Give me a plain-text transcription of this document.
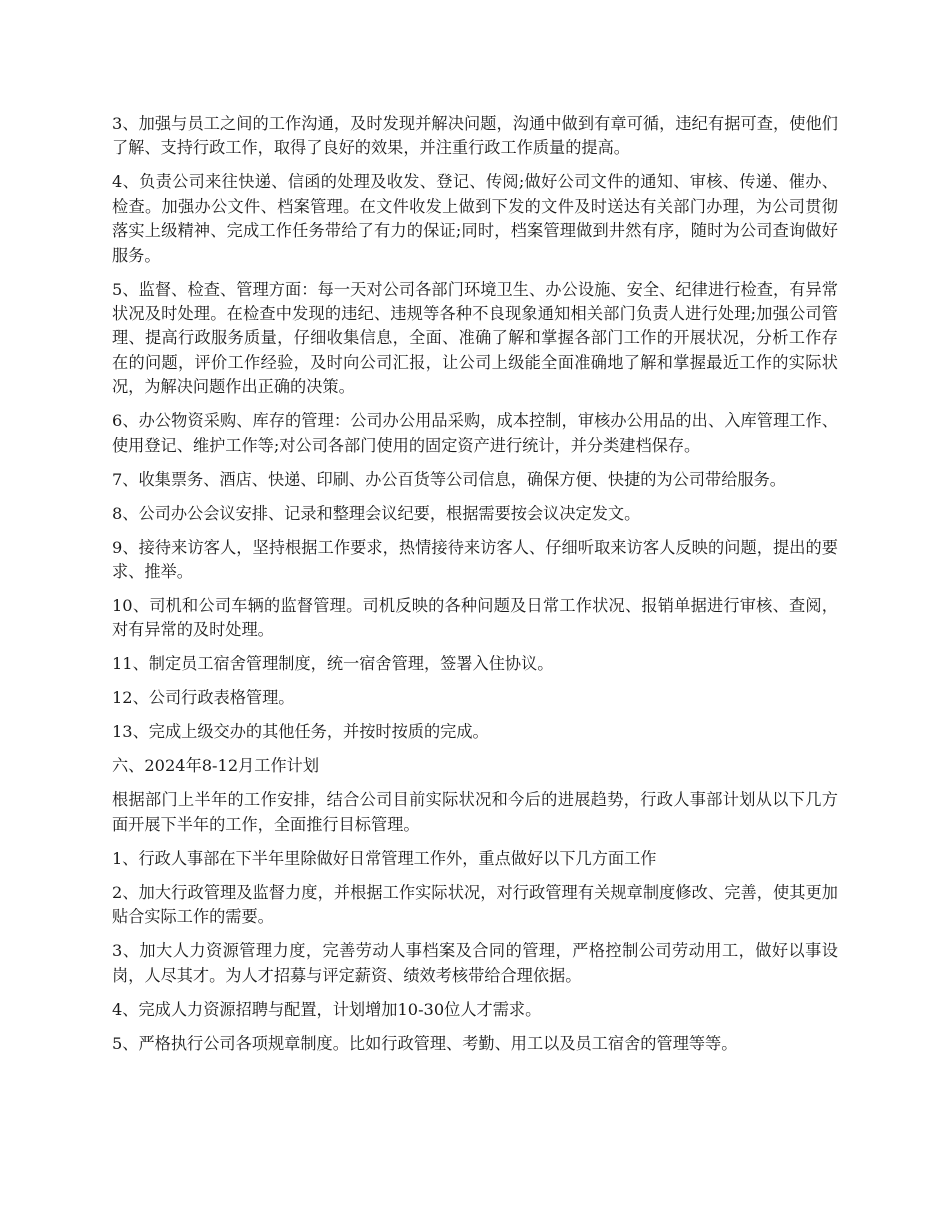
3、加强与员工之间的工作沟通，及时发现并解决问题，沟通中做到有章可循，违纪有据可查，使他们了解、支持行政工作，取得了良好的效果，并注重行政工作质量的提高。

4、负责公司来往快递、信函的处理及收发、登记、传阅;做好公司文件的通知、审核、传递、催办、检查。加强办公文件、档案管理。在文件收发上做到下发的文件及时送达有关部门办理，为公司贯彻落实上级精神、完成工作任务带给了有力的保证;同时，档案管理做到井然有序，随时为公司查询做好服务。

5、监督、检查、管理方面：每一天对公司各部门环境卫生、办公设施、安全、纪律进行检查，有异常状况及时处理。在检查中发现的违纪、违规等各种不良现象通知相关部门负责人进行处理;加强公司管理、提高行政服务质量，仔细收集信息，全面、准确了解和掌握各部门工作的开展状况，分析工作存在的问题，评价工作经验，及时向公司汇报，让公司上级能全面准确地了解和掌握最近工作的实际状况，为解决问题作出正确的决策。

6、办公物资采购、库存的管理：公司办公用品采购，成本控制，审核办公用品的出、入库管理工作、使用登记、维护工作等;对公司各部门使用的固定资产进行统计，并分类建档保存。

7、收集票务、酒店、快递、印刷、办公百货等公司信息，确保方便、快捷的为公司带给服务。

8、公司办公会议安排、记录和整理会议纪要，根据需要按会议决定发文。

9、接待来访客人，坚持根据工作要求，热情接待来访客人、仔细听取来访客人反映的问题，提出的要求、推举。

10、司机和公司车辆的监督管理。司机反映的各种问题及日常工作状况、报销单据进行审核、查阅，对有异常的及时处理。

11、制定员工宿舍管理制度，统一宿舍管理，签署入住协议。

12、公司行政表格管理。

13、完成上级交办的其他任务，并按时按质的完成。

六、2024年8-12月工作计划

根据部门上半年的工作安排，结合公司目前实际状况和今后的进展趋势，行政人事部计划从以下几方面开展下半年的工作，全面推行目标管理。

1、行政人事部在下半年里除做好日常管理工作外，重点做好以下几方面工作

2、加大行政管理及监督力度，并根据工作实际状况，对行政管理有关规章制度修改、完善，使其更加贴合实际工作的需要。

3、加大人力资源管理力度，完善劳动人事档案及合同的管理，严格控制公司劳动用工，做好以事设岗，人尽其才。为人才招募与评定薪资、绩效考核带给合理依据。

4、完成人力资源招聘与配置，计划增加10-30位人才需求。

5、严格执行公司各项规章制度。比如行政管理、考勤、用工以及员工宿舍的管理等等。
